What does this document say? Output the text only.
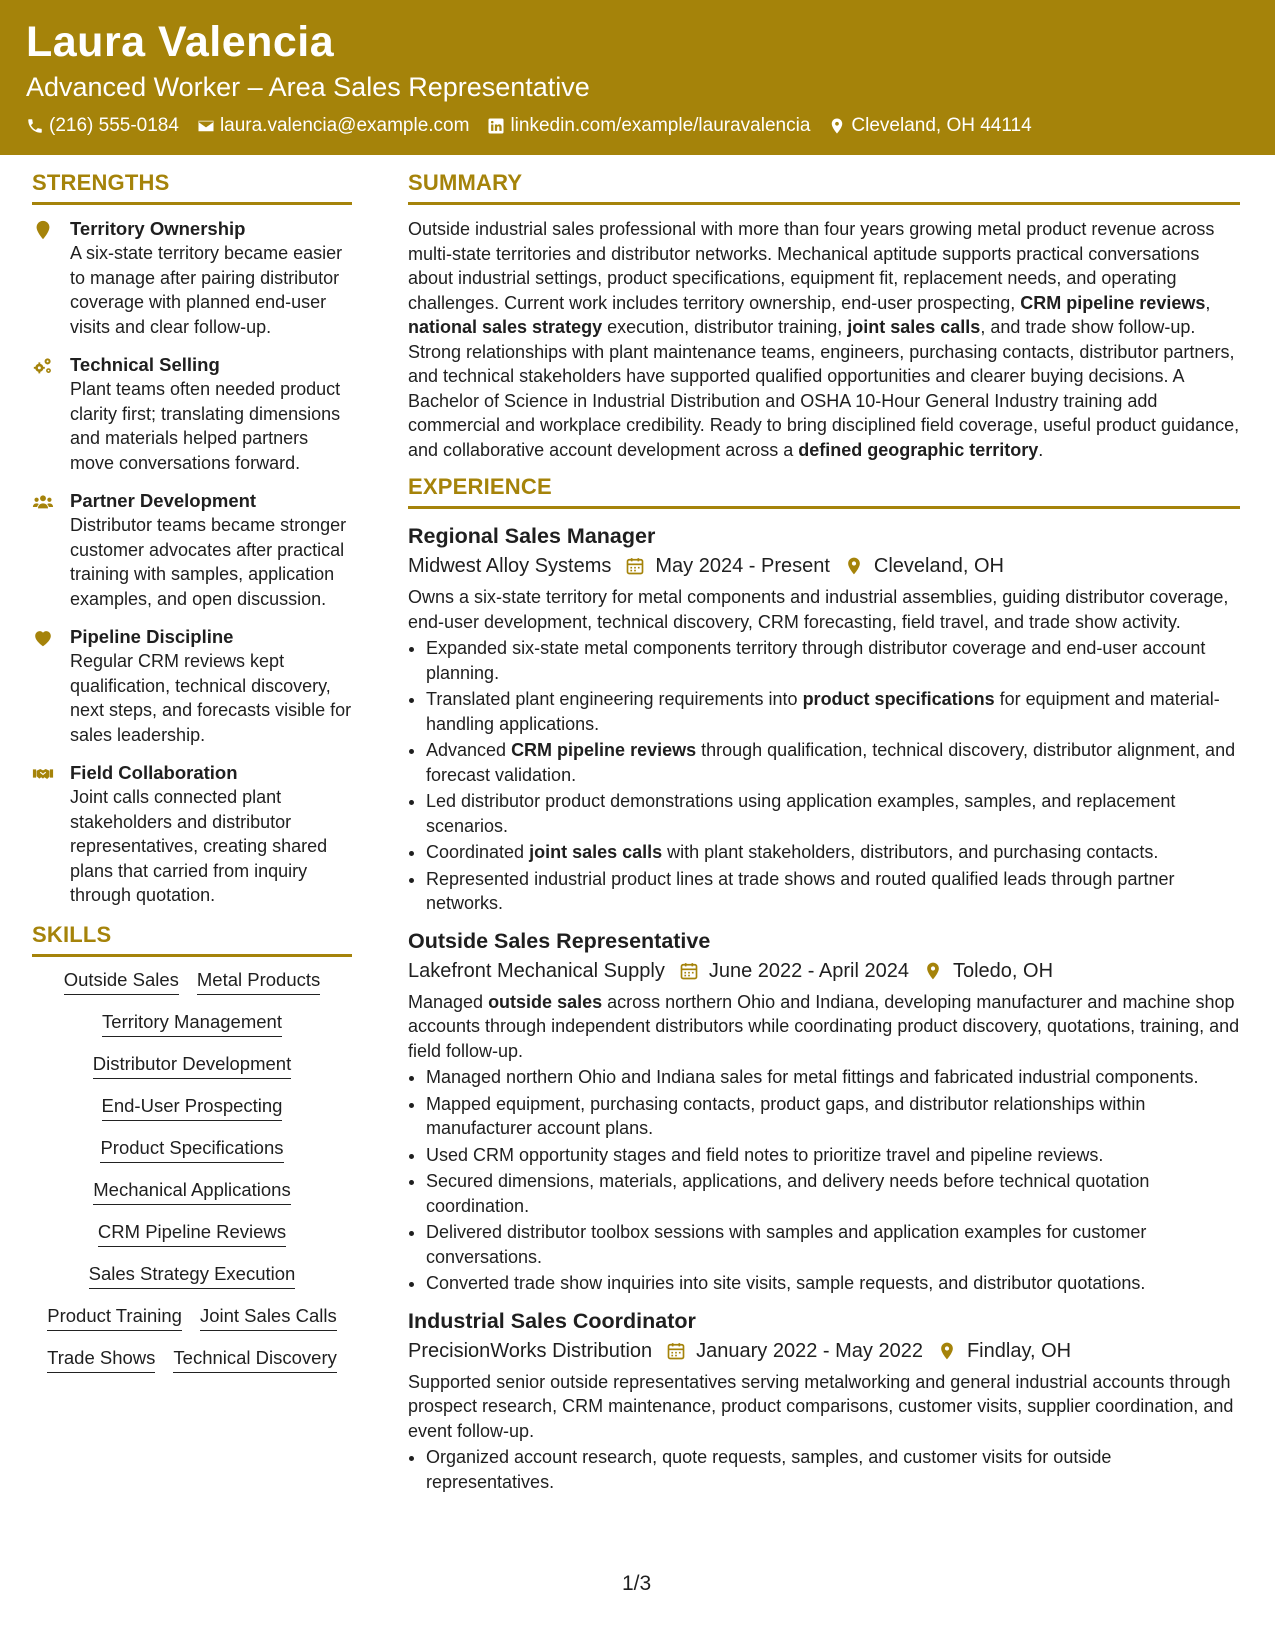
Laura Valencia
Advanced Worker – Area Sales Representative
(216) 555-0184 laura.valencia@example.com linkedin.com/example/lauravalencia Cleveland, OH 44114
STRENGTHS
Territory Ownership
A six-state territory became easier to manage after pairing distributor coverage with planned end-user visits and clear follow-up.
Technical Selling
Plant teams often needed product clarity first; translating dimensions and materials helped partners move conversations forward.
Partner Development
Distributor teams became stronger customer advocates after practical training with samples, application examples, and open discussion.
Pipeline Discipline
Regular CRM reviews kept qualification, technical discovery, next steps, and forecasts visible for sales leadership.
Field Collaboration
Joint calls connected plant stakeholders and distributor representatives, creating shared plans that carried from inquiry through quotation.
SKILLS
Outside Sales Metal Products
Territory Management
Distributor Development
End-User Prospecting
Product Specifications
Mechanical Applications
CRM Pipeline Reviews
Sales Strategy Execution
Product Training Joint Sales Calls
Trade Shows Technical Discovery
SUMMARY

Outside industrial sales professional with more than four years growing metal product revenue across multi-state territories and distributor networks. Mechanical aptitude supports practical conversations about industrial settings, product specifications, equipment fit, replacement needs, and operating challenges. Current work includes territory ownership, end-user prospecting, CRM pipeline reviews, national sales strategy execution, distributor training, joint sales calls, and trade show follow-up. Strong relationships with plant maintenance teams, engineers, purchasing contacts, distributor partners, and technical stakeholders have supported qualified opportunities and clearer buying decisions. A Bachelor of Science in Industrial Distribution and OSHA 10-Hour General Industry training add commercial and workplace credibility. Ready to bring disciplined field coverage, useful product guidance, and collaborative account development across a defined geographic territory.

EXPERIENCE
Regional Sales Manager
Midwest Alloy Systems May 2024 - Present Cleveland, OH

Owns a six-state territory for metal components and industrial assemblies, guiding distributor coverage, end-user development, technical discovery, CRM forecasting, field travel, and trade show activity.

• Expanded six-state metal components territory through distributor coverage and end-user account planning.
• Translated plant engineering requirements into product specifications for equipment and material-handling applications.
• Advanced CRM pipeline reviews through qualification, technical discovery, distributor alignment, and forecast validation.
• Led distributor product demonstrations using application examples, samples, and replacement scenarios.
• Coordinated joint sales calls with plant stakeholders, distributors, and purchasing contacts.
• Represented industrial product lines at trade shows and routed qualified leads through partner networks.
Outside Sales Representative
Lakefront Mechanical Supply June 2022 - April 2024 Toledo, OH

Managed outside sales across northern Ohio and Indiana, developing manufacturer and machine shop accounts through independent distributors while coordinating product discovery, quotations, training, and field follow-up.

• Managed northern Ohio and Indiana sales for metal fittings and fabricated industrial components.
• Mapped equipment, purchasing contacts, product gaps, and distributor relationships within manufacturer account plans.
• Used CRM opportunity stages and field notes to prioritize travel and pipeline reviews.
• Secured dimensions, materials, applications, and delivery needs before technical quotation coordination.
• Delivered distributor toolbox sessions with samples and application examples for customer conversations.
• Converted trade show inquiries into site visits, sample requests, and distributor quotations.
Industrial Sales Coordinator
PrecisionWorks Distribution January 2022 - May 2022 Findlay, OH

Supported senior outside representatives serving metalworking and general industrial accounts through prospect research, CRM maintenance, product comparisons, customer visits, supplier coordination, and event follow-up.

• Organized account research, quote requests, samples, and customer visits for outside representatives.
1/3
